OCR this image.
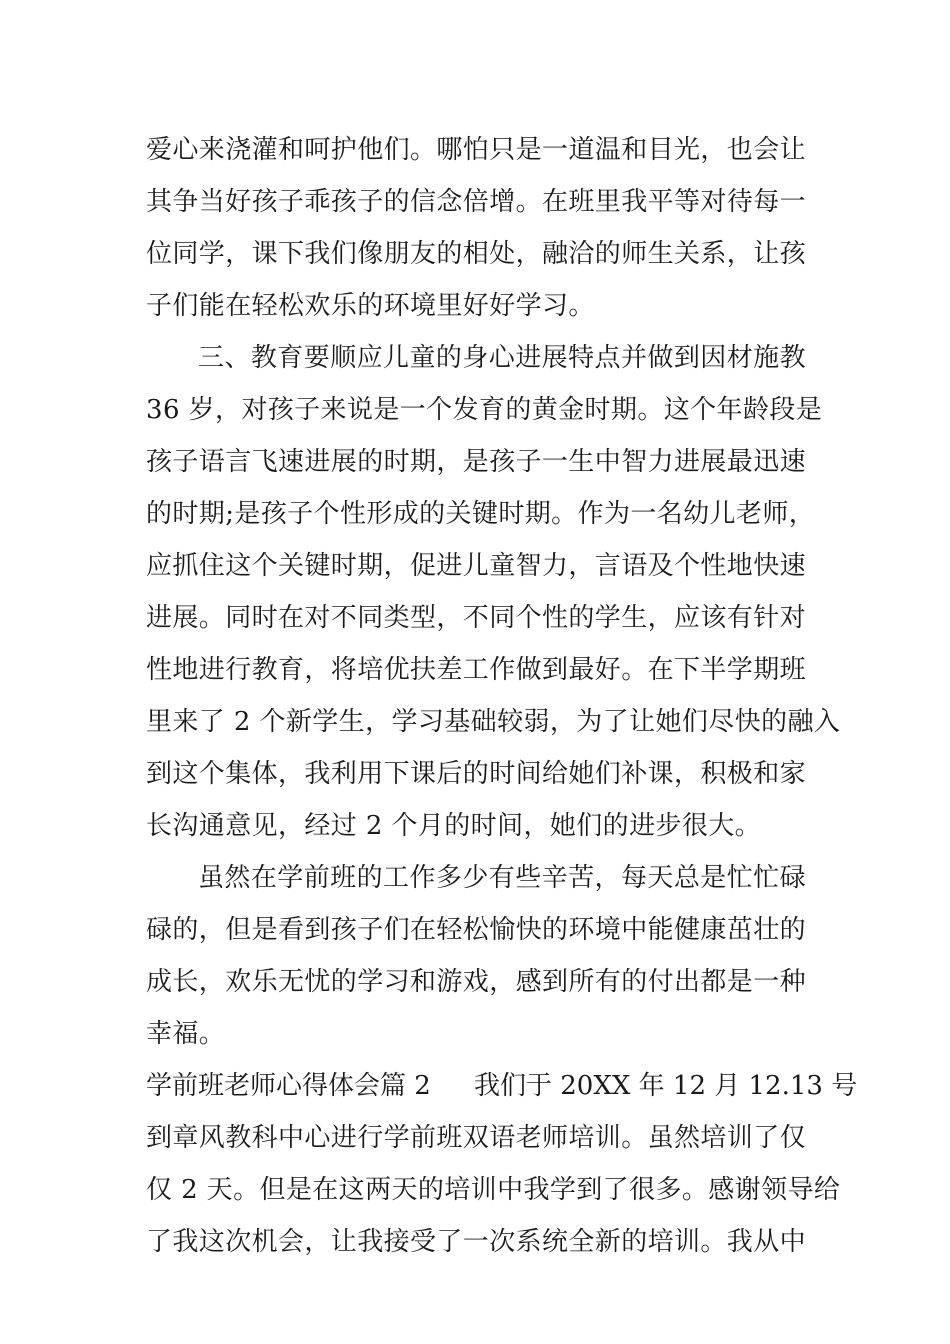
爱心来浇灌和呵护他们。哪怕只是一道温和目光，也会让
其争当好孩子乖孩子的信念倍增。在班里我平等对待每一
位同学，课下我们像朋友的相处，融洽的师生关系，让孩
子们能在轻松欢乐的环境里好好学习。
三、教育要顺应儿童的身心进展特点并做到因材施教
36 岁，对孩子来说是一个发育的黄金时期。这个年龄段是
孩子语言飞速进展的时期，是孩子一生中智力进展最迅速
的时期;是孩子个性形成的关键时期。作为一名幼儿老师，
应抓住这个关键时期，促进儿童智力，言语及个性地快速
进展。同时在对不同类型，不同个性的学生，应该有针对
性地进行教育，将培优扶差工作做到最好。在下半学期班
里来了 2 个新学生，学习基础较弱，为了让她们尽快的融入
到这个集体，我利用下课后的时间给她们补课，积极和家
长沟通意见，经过 2 个月的时间，她们的进步很大。
虽然在学前班的工作多少有些辛苦，每天总是忙忙碌
碌的，但是看到孩子们在轻松愉快的环境中能健康茁壮的
成长，欢乐无忧的学习和游戏，感到所有的付出都是一种
学前班老师心得体会篇 2 我们于 20XX 年 12 月 12.13 号
到章风教科中心进行学前班双语老师培训。虽然培训了仅
仅 2 天。但是在这两天的培训中我学到了很多。感谢领导给
了我这次机会，让我接受了一次系统全新的培训。我从中
幸福。
